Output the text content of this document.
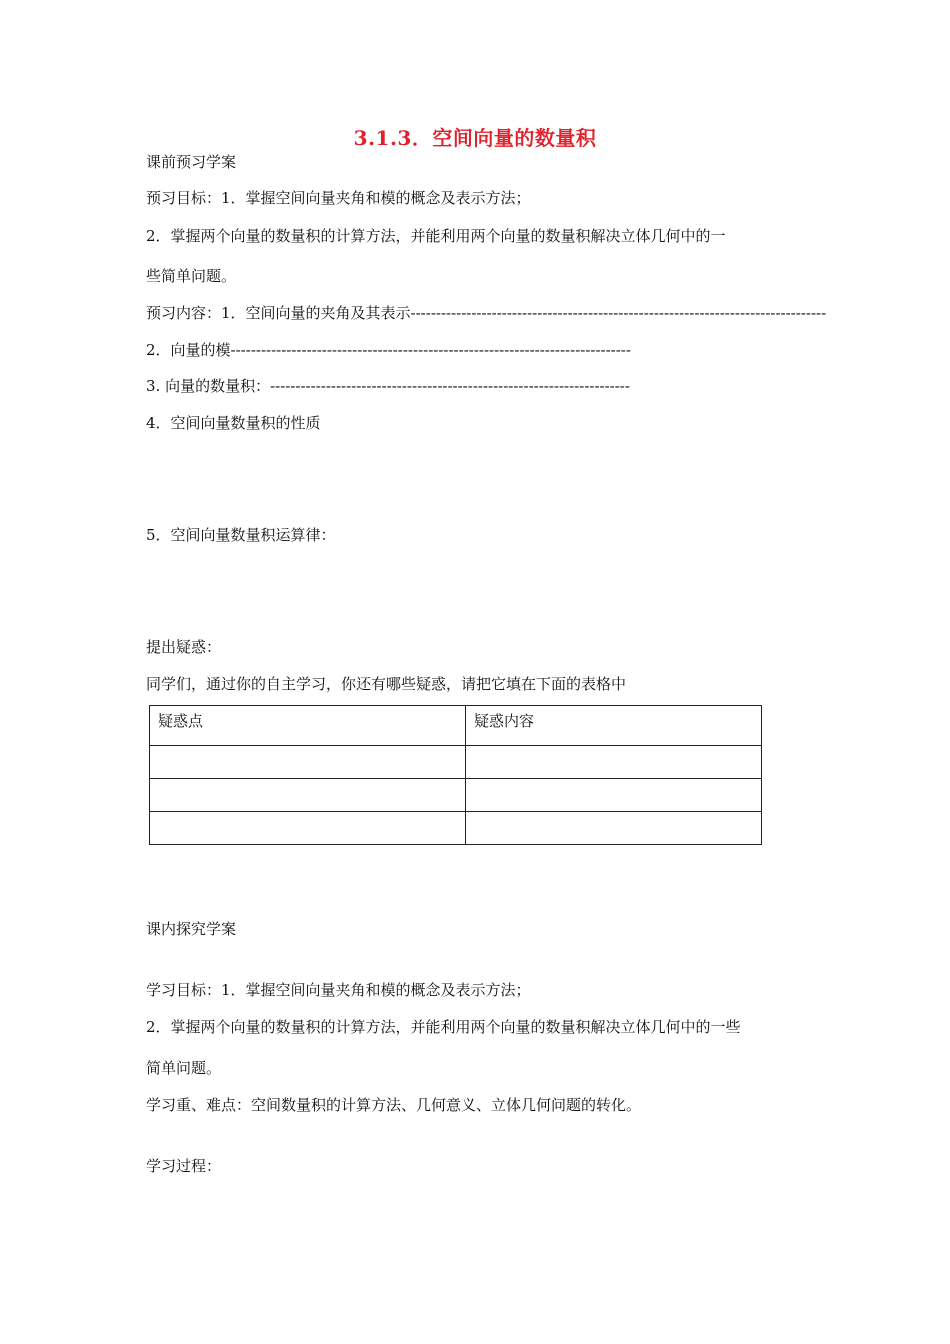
3.1.3．空间向量的数量积
课前预习学案
预习目标：1．掌握空间向量夹角和模的概念及表示方法；
2．掌握两个向量的数量积的计算方法，并能利用两个向量的数量积解决立体几何中的一
些简单问题。
预习内容：1．空间向量的夹角及其表示----------------------------------------------------------------------------------
2．向量的模-------------------------------------------------------------------------------
3. 向量的数量积：-----------------------------------------------------------------------
4．空间向量数量积的性质
5．空间向量数量积运算律：
提出疑惑：
同学们，通过你的自主学习，你还有哪些疑惑，请把它填在下面的表格中
疑惑点	疑惑内容

课内探究学案
学习目标：1．掌握空间向量夹角和模的概念及表示方法；
2．掌握两个向量的数量积的计算方法，并能利用两个向量的数量积解决立体几何中的一些
简单问题。
学习重、难点：空间数量积的计算方法、几何意义、立体几何问题的转化。
学习过程：
